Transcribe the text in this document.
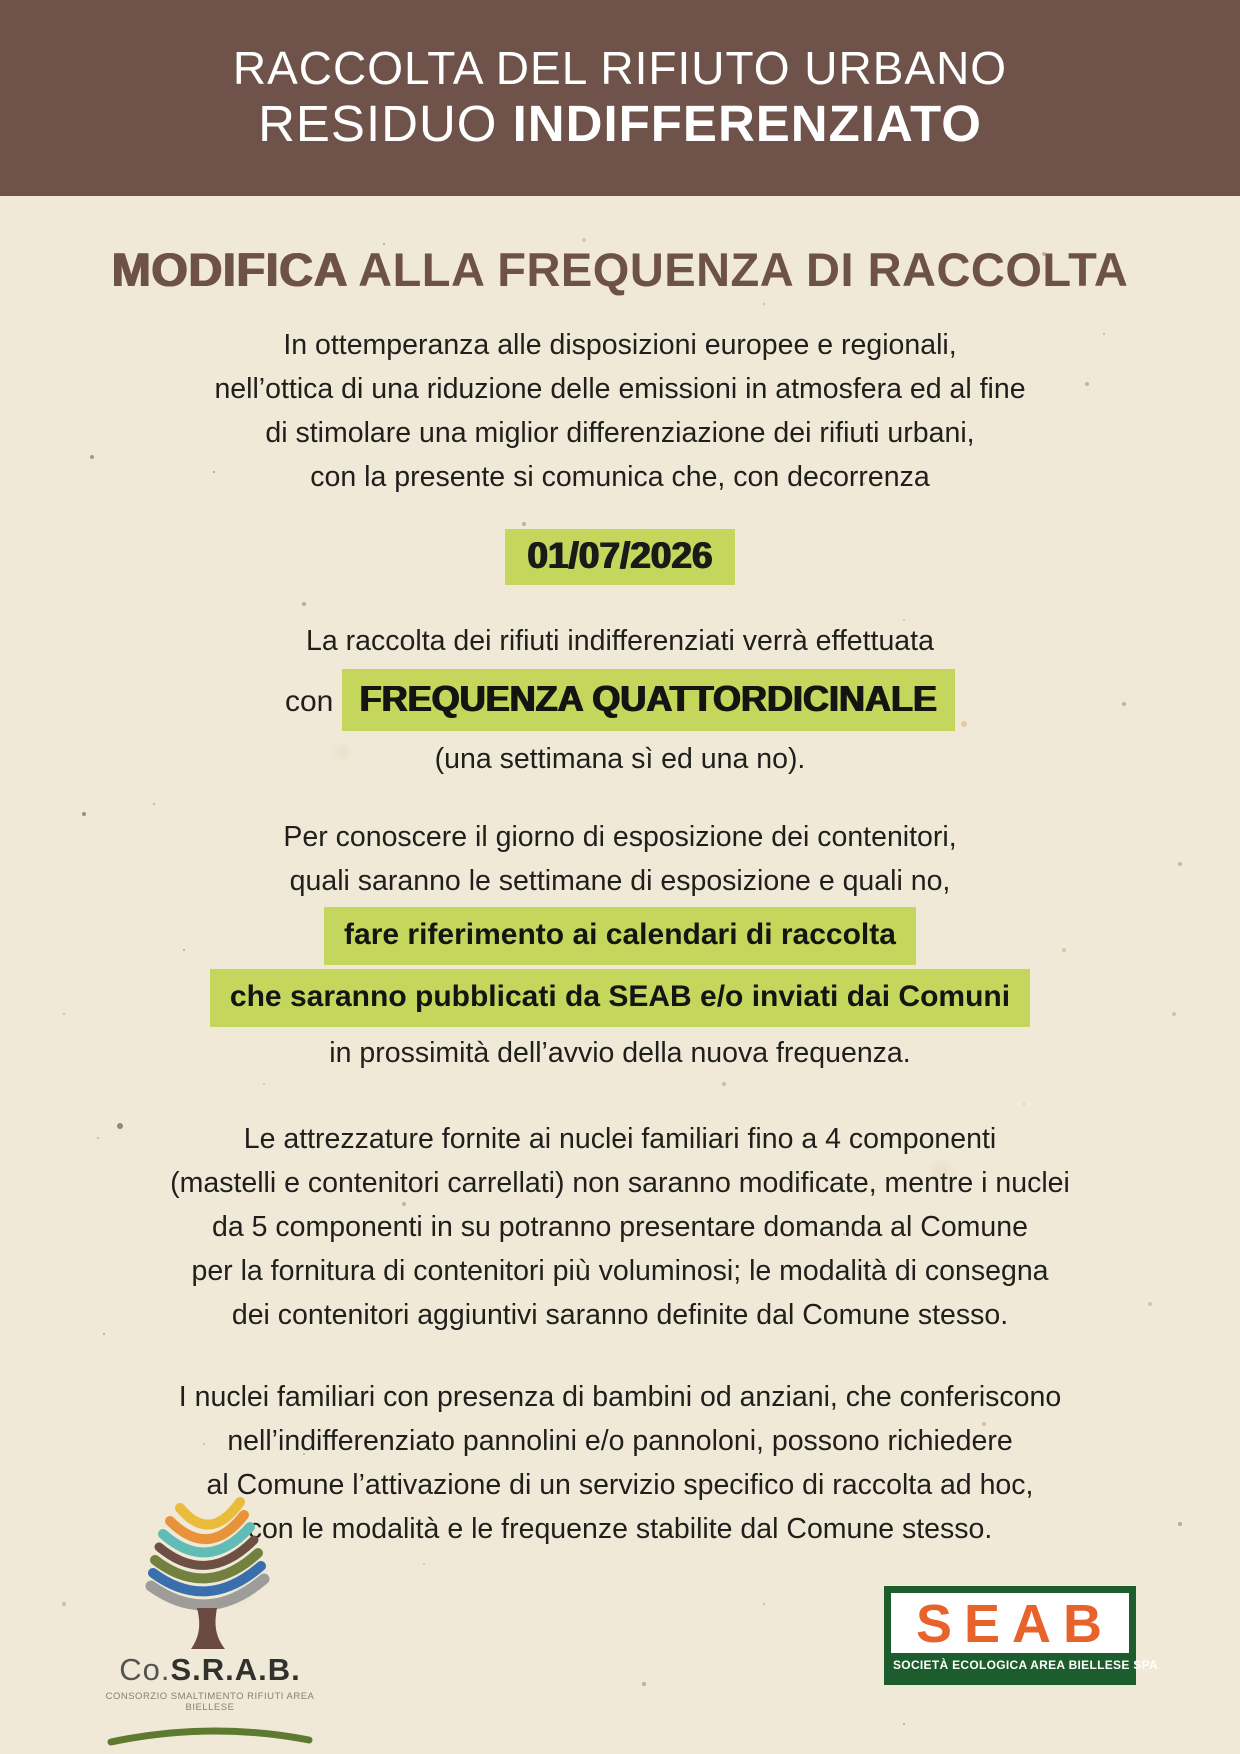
RACCOLTA DEL RIFIUTO URBANO
RESIDUO INDIFFERENZIATO
MODIFICA ALLA FREQUENZA DI RACCOLTA

In ottemperanza alle disposizioni europee e regionali,
nell’ottica di una riduzione delle emissioni in atmosfera ed al fine
di stimolare una miglior differenziazione dei rifiuti urbani,
con la presente si comunica che, con decorrenza

01/07/2026

La raccolta dei rifiuti indifferenziati verrà effettuata
con FREQUENZA QUATTORDICINALE
(una settimana sì ed una no).

Per conoscere il giorno di esposizione dei contenitori,
quali saranno le settimane di esposizione e quali no,
fare riferimento ai calendari di raccolta
che saranno pubblicati da SEAB e/o inviati dai Comuni
in prossimità dell’avvio della nuova frequenza.

Le attrezzature fornite ai nuclei familiari fino a 4 componenti
(mastelli e contenitori carrellati) non saranno modificate, mentre i nuclei
da 5 componenti in su potranno presentare domanda al Comune
per la fornitura di contenitori più voluminosi; le modalità di consegna
dei contenitori aggiuntivi saranno definite dal Comune stesso.

I nuclei familiari con presenza di bambini od anziani, che conferiscono
nell’indifferenziato pannolini e/o pannoloni, possono richiedere
al Comune l’attivazione di un servizio specifico di raccolta ad hoc,
con le modalità e le frequenze stabilite dal Comune stesso.

Co.S.R.A.B.
CONSORZIO SMALTIMENTO RIFIUTI AREA BIELLESE
SEAB
SOCIETÀ ECOLOGICA AREA BIELLESE SPA
